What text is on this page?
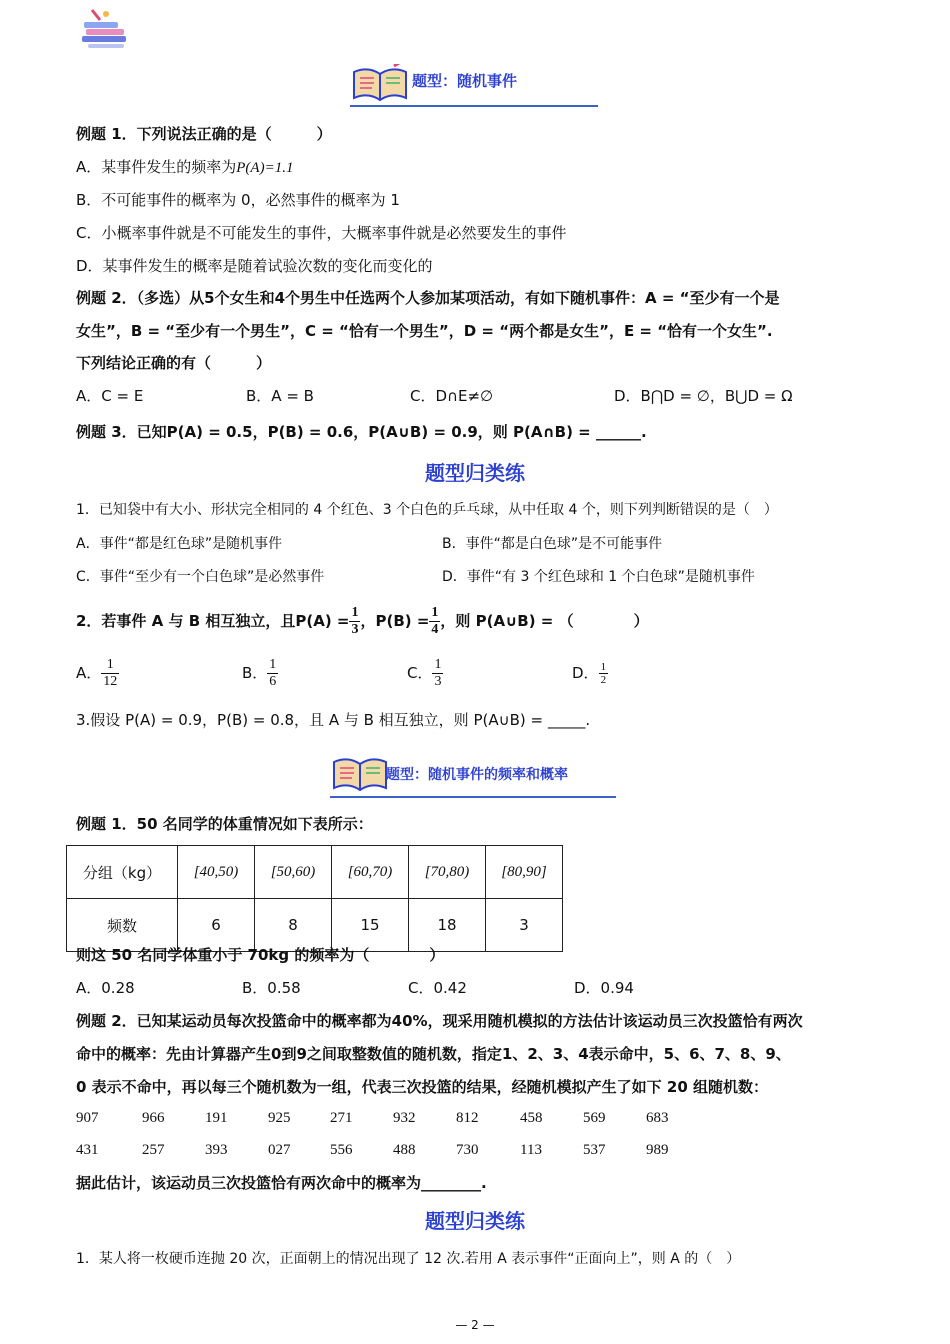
题型：随机事件
例题 1．下列说法正确的是（　　　）
A．某事件发生的频率为P(A)=1.1
B．不可能事件的概率为 0，必然事件的概率为 1
C．小概率事件就是不可能发生的事件，大概率事件就是必然要发生的事件
D．某事件发生的概率是随着试验次数的变化而变化的
例题 2．（多选）从5个女生和4个男生中任选两个人参加某项活动，有如下随机事件：A = “至少有一个是
女生”，B = “至少有一个男生”，C = “恰有一个男生”，D = “两个都是女生”，E = “恰有一个女生”.
下列结论正确的有（　　　）
A．C = E	B．A = B	C．D∩E≠∅	D．B⋂D = ∅，B⋃D = Ω
例题 3．已知P(A) = 0.5，P(B) = 0.6，P(A∪B) = 0.9，则 P(A∩B) = ______.
题型归类练
1．已知袋中有大小、形状完全相同的 4 个红色、3 个白色的乒乓球，从中任取 4 个，则下列判断错误的是（　）
A．事件“都是红色球”是随机事件	B．事件“都是白色球”是不可能事件
C．事件“至少有一个白色球”是必然事件	D．事件“有 3 个红色球和 1 个白色球”是随机事件
2．若事件 A 与 B 相互独立，且 $P(A) = \frac{1}{3}$ ，$P(B) = \frac{1}{4}$ ，则 P(A∪B) = （　　　　）
A． $\frac{1}{12}$	B． $\frac{1}{6}$	C． $\frac{1}{3}$	D． $\frac{1}{2}$
3.假设 P(A) = 0.9，P(B) = 0.8，且 A 与 B 相互独立，则 P(A∪B) = _____.
题型：随机事件的频率和概率
例题 1．50 名同学的体重情况如下表所示：
分组（kg）	[40,50)	[50,60)	[60,70)	[70,80)	[80,90]
频数	6	8	15	18	3
则这 50 名同学体重小于 70kg 的频率为（　　　　）
A．0.28	B．0.58	C．0.42	D．0.94
例题 2．已知某运动员每次投篮命中的概率都为40%，现采用随机模拟的方法估计该运动员三次投篮恰有两次
命中的概率：先由计算器产生0到9之间取整数值的随机数，指定1、2、3、4表示命中，5、6、7、8、9、
0 表示不命中，再以每三个随机数为一组，代表三次投篮的结果，经随机模拟产生了如下 20 组随机数：
907	966	191	925	271	932	812	458	569	683
431	257	393	027	556	488	730	113	537	989
据此估计，该运动员三次投篮恰有两次命中的概率为________.
题型归类练
1．某人将一枚硬币连抛 20 次，正面朝上的情况出现了 12 次.若用 A 表示事件“正面向上”，则 A 的（　）
— 2 —
